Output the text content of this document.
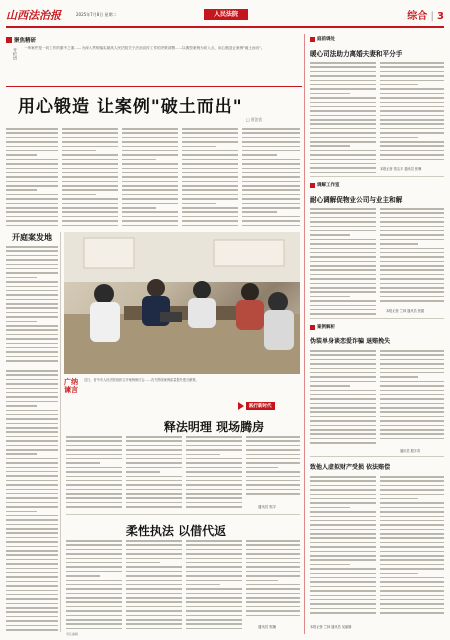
山西法治报	2025年7月8日 星期二	人民法院	综合 | 3
聚焦精研
开栏语 一审案件是一切工作的重中之重……为深入贯彻落实最高人民法院关于法治宣传工作的决策部署……以典型案例为切入点，用心锻造让案例"破土而出"。
用心锻造 让案例"破土而出"
□ 晋法宣
开庭案发地
广纳
谏言
近日，晋中市人民法院组织召开案例研讨会……各方围绕案例质量提升建言献策。
践行新时代
释法明理 现场腾房
通讯员 郭宇
柔性执法 以借代返
通讯员 郭楠
庭前调处
暖心司法助力离婚夫妻和平分手
本报记者 蔡志平 通讯员 张琳
调解工作室
耐心调解促物业公司与业主和解
本报记者 兰林 通讯员 张健
案例解析
伪装单身谈恋爱诈骗 退赔挽失
通讯员 殷宇奇
致他人虚拟财产受损 依法赔偿
本报记者 兰林 通讯员 吴丽娜
责任编辑
